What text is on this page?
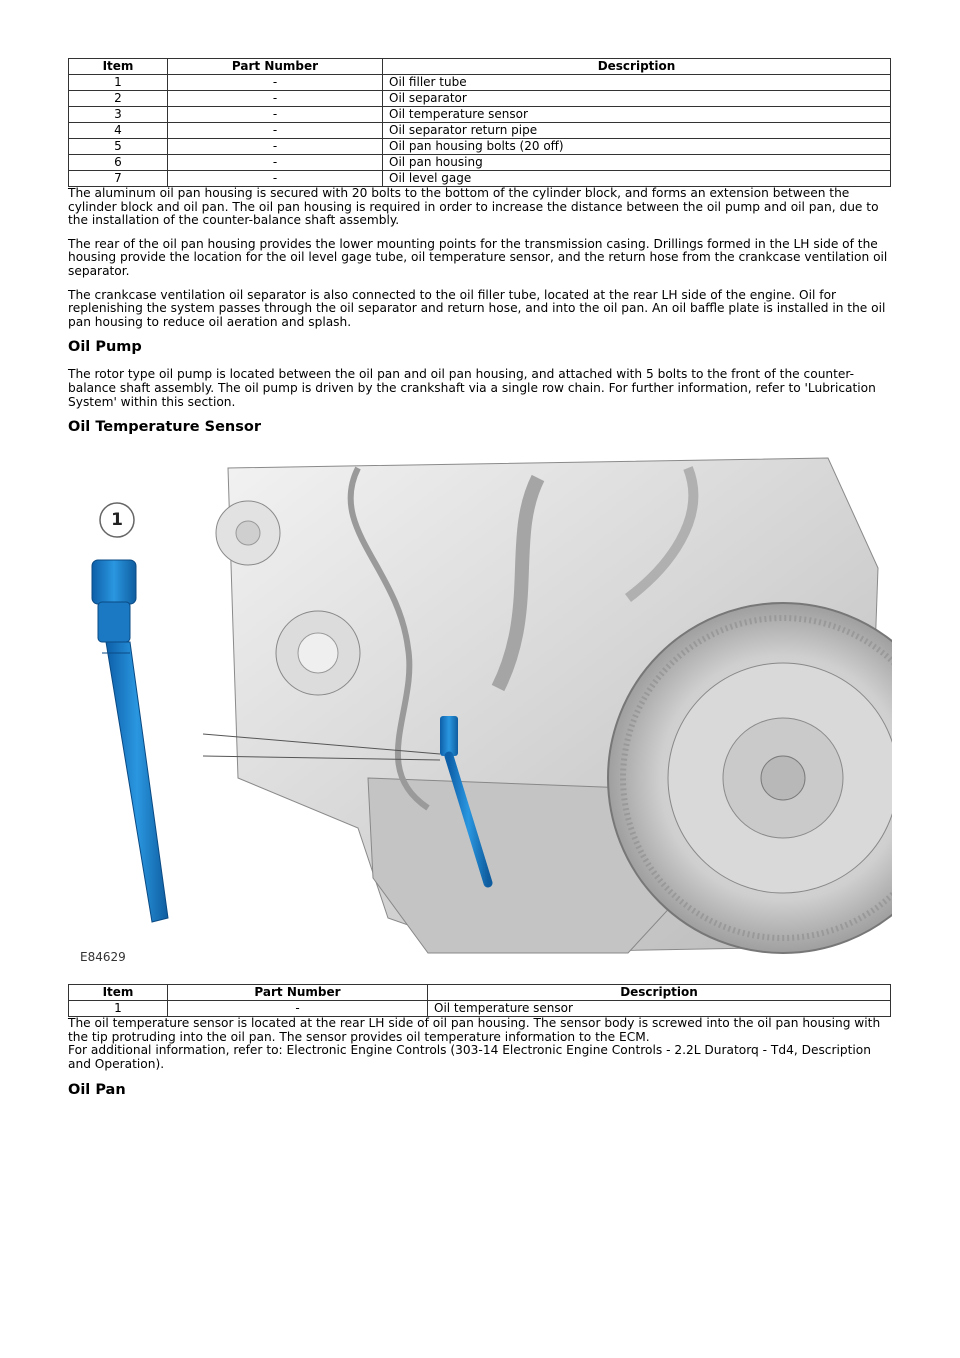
Item	Part Number	Description
1	-	Oil filler tube
2	-	Oil separator
3	-	Oil temperature sensor
4	-	Oil separator return pipe
5	-	Oil pan housing bolts (20 off)
6	-	Oil pan housing
7	-	Oil level gage

The aluminum oil pan housing is secured with 20 bolts to the bottom of the cylinder block, and forms an extension between the cylinder block and oil pan. The oil pan housing is required in order to increase the distance between the oil pump and oil pan, due to the installation of the counter-balance shaft assembly.

The rear of the oil pan housing provides the lower mounting points for the transmission casing. Drillings formed in the LH side of the housing provide the location for the oil level gage tube, oil temperature sensor, and the return hose from the crankcase ventilation oil separator.

The crankcase ventilation oil separator is also connected to the oil filler tube, located at the rear LH side of the engine. Oil for replenishing the system passes through the oil separator and return hose, and into the oil pan. An oil baffle plate is installed in the oil pan housing to reduce oil aeration and splash.

Oil Pump

The rotor type oil pump is located between the oil pan and oil pan housing, and attached with 5 bolts to the front of the counter-balance shaft assembly. The oil pump is driven by the crankshaft via a single row chain. For further information, refer to 'Lubrication System' within this section.

Oil Temperature Sensor
1
E84629
Item	Part Number	Description
1	-	Oil temperature sensor

The oil temperature sensor is located at the rear LH side of oil pan housing. The sensor body is screwed into the oil pan housing with the tip protruding into the oil pan. The sensor provides oil temperature information to the ECM.

For additional information, refer to: Electronic Engine Controls (303-14 Electronic Engine Controls - 2.2L Duratorq - Td4, Description and Operation).

Oil Pan
